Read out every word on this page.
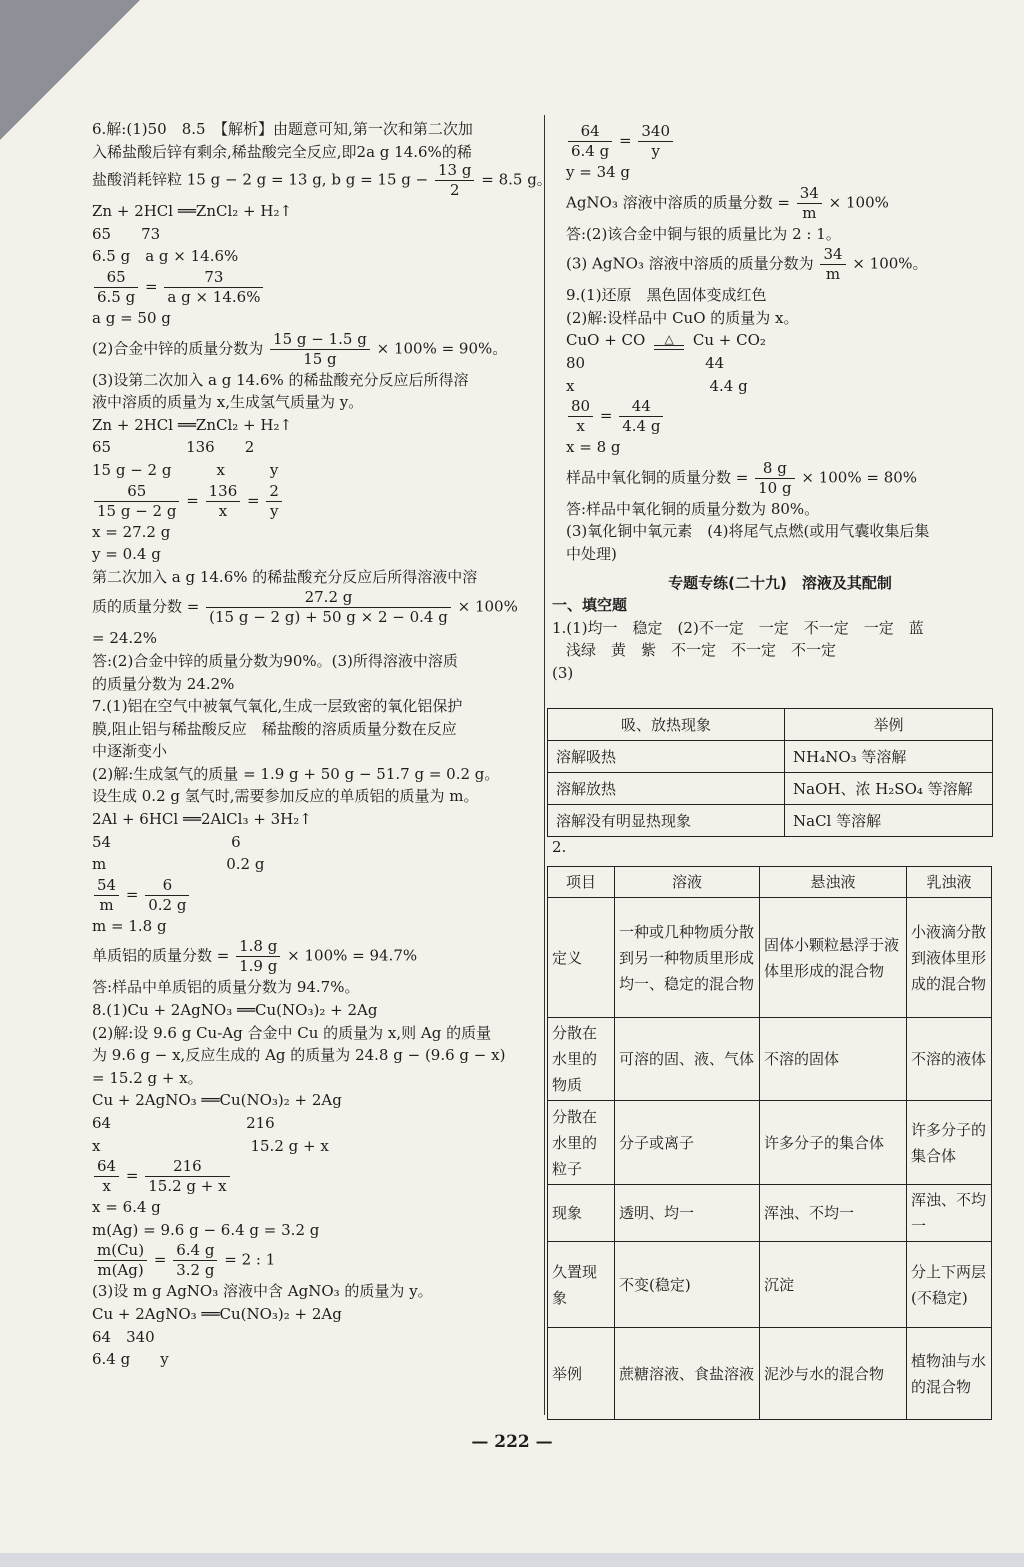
6.解:(1)50　8.5　【解析】由题意可知,第一次和第二次加
入稀盐酸后锌有剩余,稀盐酸完全反应,即2a g 14.6%的稀
盐酸消耗锌粒 15 g − 2 g = 13 g, b g = 15 $g - \frac{13 g}{2} = 8.5$ g。
Zn + 2HCl ══ZnCl₂ + H₂↑
65　　73
6.5 g　a g × 14.6%
$\frac{65}{6.5 g} = \frac{73}{\text{a g × 14.6\%}}$
a g = 50 g
(2)合金中锌的质量分数为 $\frac{15 g - 1.5 g}{15 g} \times 100\% = 90\%$。
(3)设第二次加入 a g 14.6% 的稀盐酸充分反应后所得溶
液中溶质的质量为 x,生成氢气质量为 y。
Zn + 2HCl ══ZnCl₂ + H₂↑
65　　　　　136　　2
15 g − 2 g　　　x　　　y
$\frac{65}{15 g - 2 g} = \frac{136}{x} = \frac{2}{y}$
x = 27.2 g
y = 0.4 g
第二次加入 a g 14.6% 的稀盐酸充分反应后所得溶液中溶
质的质量分数 = $\frac{27.2 g}{(15 g - 2 g) + 50 g \times 2 - 0.4 g} \times 100\%$
= 24.2%
答:(2)合金中锌的质量分数为90%。(3)所得溶液中溶质
的质量分数为 24.2%
7.(1)铝在空气中被氧气氧化,生成一层致密的氧化铝保护
膜,阻止铝与稀盐酸反应　稀盐酸的溶质质量分数在反应
中逐渐变小
(2)解:生成氢气的质量 = 1.9 g + 50 g − 51.7 g = 0.2 g。
设生成 0.2 g 氢气时,需要参加反应的单质铝的质量为 m。
2Al + 6HCl ══2AlCl₃ + 3H₂↑
54　　　　　　　　6
m　　　　　　　　0.2 g
$\frac{54}{m} = \frac{6}{0.2 g}$
m = 1.8 g
单质铝的质量分数 = $\frac{1.8 g}{1.9 g} \times 100\% = 94.7\%$
答:样品中单质铝的质量分数为 94.7%。
8.(1)Cu + 2AgNO₃ ══Cu(NO₃)₂ + 2Ag
(2)解:设 9.6 g Cu-Ag 合金中 Cu 的质量为 x,则 Ag 的质量
为 9.6 g − x,反应生成的 Ag 的质量为 24.8 g − (9.6 g − x)
= 15.2 g + x。
Cu + 2AgNO₃ ══Cu(NO₃)₂ + 2Ag
64　　　　　　　　　216
x　　　　　　　　　　15.2 g + x
$\frac{64}{x} = \frac{216}{15.2 g + x}$
x = 6.4 g
m(Ag) = 9.6 g − 6.4 g = 3.2 g
$\frac{m(Cu)}{m(Ag)} = \frac{6.4 g}{3.2 g} = 2$ : 1
(3)设 m g AgNO₃ 溶液中含 AgNO₃ 的质量为 y。
Cu + 2AgNO₃ ══Cu(NO₃)₂ + 2Ag
64　340
6.4 g　　y
$\frac{64}{6.4 g} = \frac{340}{y}$
y = 34 g
AgNO₃ 溶液中溶质的质量分数 = $\frac{34}{m} \times 100\%$
答:(2)该合金中铜与银的质量比为 2 : 1。
(3) AgNO₃ 溶液中溶质的质量分数为 $\frac{34}{m} \times 100\%$。
9.(1)还原　黑色固体变成红色
(2)解:设样品中 CuO 的质量为 x。
CuO + CO	△	Cu + CO₂
80　　　　　　　　44
x　　　　　　　　　4.4 g
$\frac{80}{x} = \frac{44}{4.4 g}$
x = 8 g
样品中氧化铜的质量分数 = $\frac{8 g}{10 g} \times 100\% = 80\%$
答:样品中氧化铜的质量分数为 80%。
(3)氧化铜中氧元素　(4)将尾气点燃(或用气囊收集后集
中处理)
专题专练(二十九)　溶液及其配制
一、填空题
1.(1)均一　稳定　(2)不一定　一定　不一定　一定　蓝
浅绿　黄　紫　不一定　不一定　不一定
(3)
吸、放热现象	举例
溶解吸热	NH₄NO₃ 等溶解
溶解放热	NaOH、浓 H₂SO₄ 等溶解
溶解没有明显热现象	NaCl 等溶解
2.
项目	溶液	悬浊液	乳浊液
定义	一种或几种物质分散到另一种物质里形成均一、稳定的混合物	固体小颗粒悬浮于液体里形成的混合物	小液滴分散到液体里形成的混合物
分散在水里的物质	可溶的固、液、气体	不溶的固体	不溶的液体
分散在水里的粒子	分子或离子	许多分子的集合体	许多分子的集合体
现象	透明、均一	浑浊、不均一	浑浊、不均一
久置现象	不变(稳定)	沉淀	分上下两层(不稳定)
举例	蔗糖溶液、食盐溶液	泥沙与水的混合物	植物油与水的混合物
— 222 —
